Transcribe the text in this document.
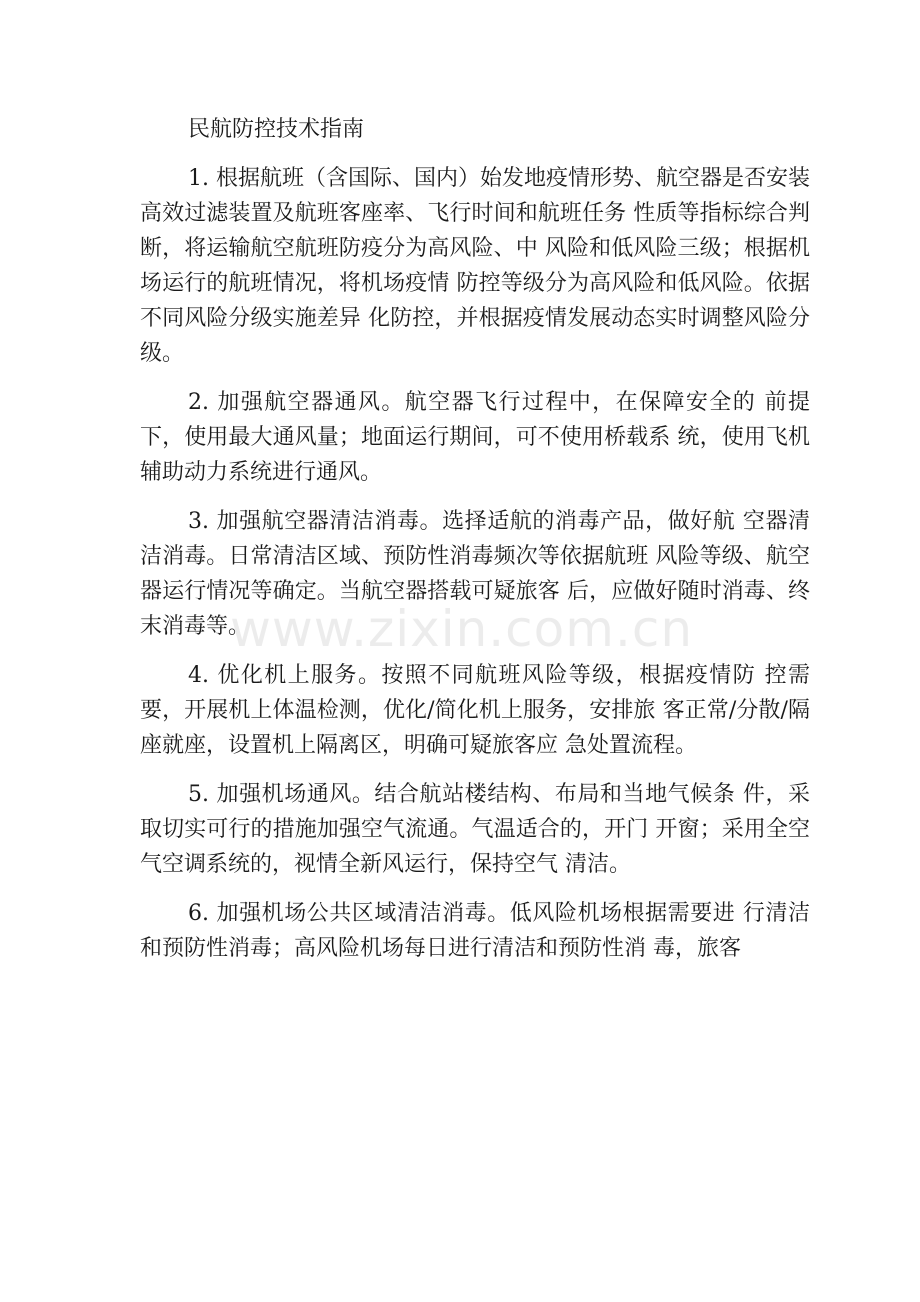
民航防控技术指南

1. 根据航班（含国际、国内）始发地疫情形势、航空器是否安装高效过滤装置及航班客座率、飞行时间和航班任务 性质等指标综合判断，将运输航空航班防疫分为高风险、中 风险和低风险三级；根据机场运行的航班情况，将机场疫情 防控等级分为高风险和低风险。依据不同风险分级实施差异 化防控，并根据疫情发展动态实时调整风险分级。

2. 加强航空器通风。航空器飞行过程中，在保障安全的 前提下，使用最大通风量；地面运行期间，可不使用桥载系 统，使用飞机辅助动力系统进行通风。

3. 加强航空器清洁消毒。选择适航的消毒产品，做好航 空器清洁消毒。日常清洁区域、预防性消毒频次等依据航班 风险等级、航空器运行情况等确定。当航空器搭载可疑旅客 后，应做好随时消毒、终末消毒等。

4. 优化机上服务。按照不同航班风险等级，根据疫情防 控需要，开展机上体温检测，优化/简化机上服务，安排旅 客正常/分散/隔座就座，设置机上隔离区，明确可疑旅客应 急处置流程。

5. 加强机场通风。结合航站楼结构、布局和当地气候条 件，采取切实可行的措施加强空气流通。气温适合的，开门 开窗；采用全空气空调系统的，视情全新风运行，保持空气 清洁。

6. 加强机场公共区域清洁消毒。低风险机场根据需要进 行清洁和预防性消毒；高风险机场每日进行清洁和预防性消 毒，旅客

www.zixin.com.cn
